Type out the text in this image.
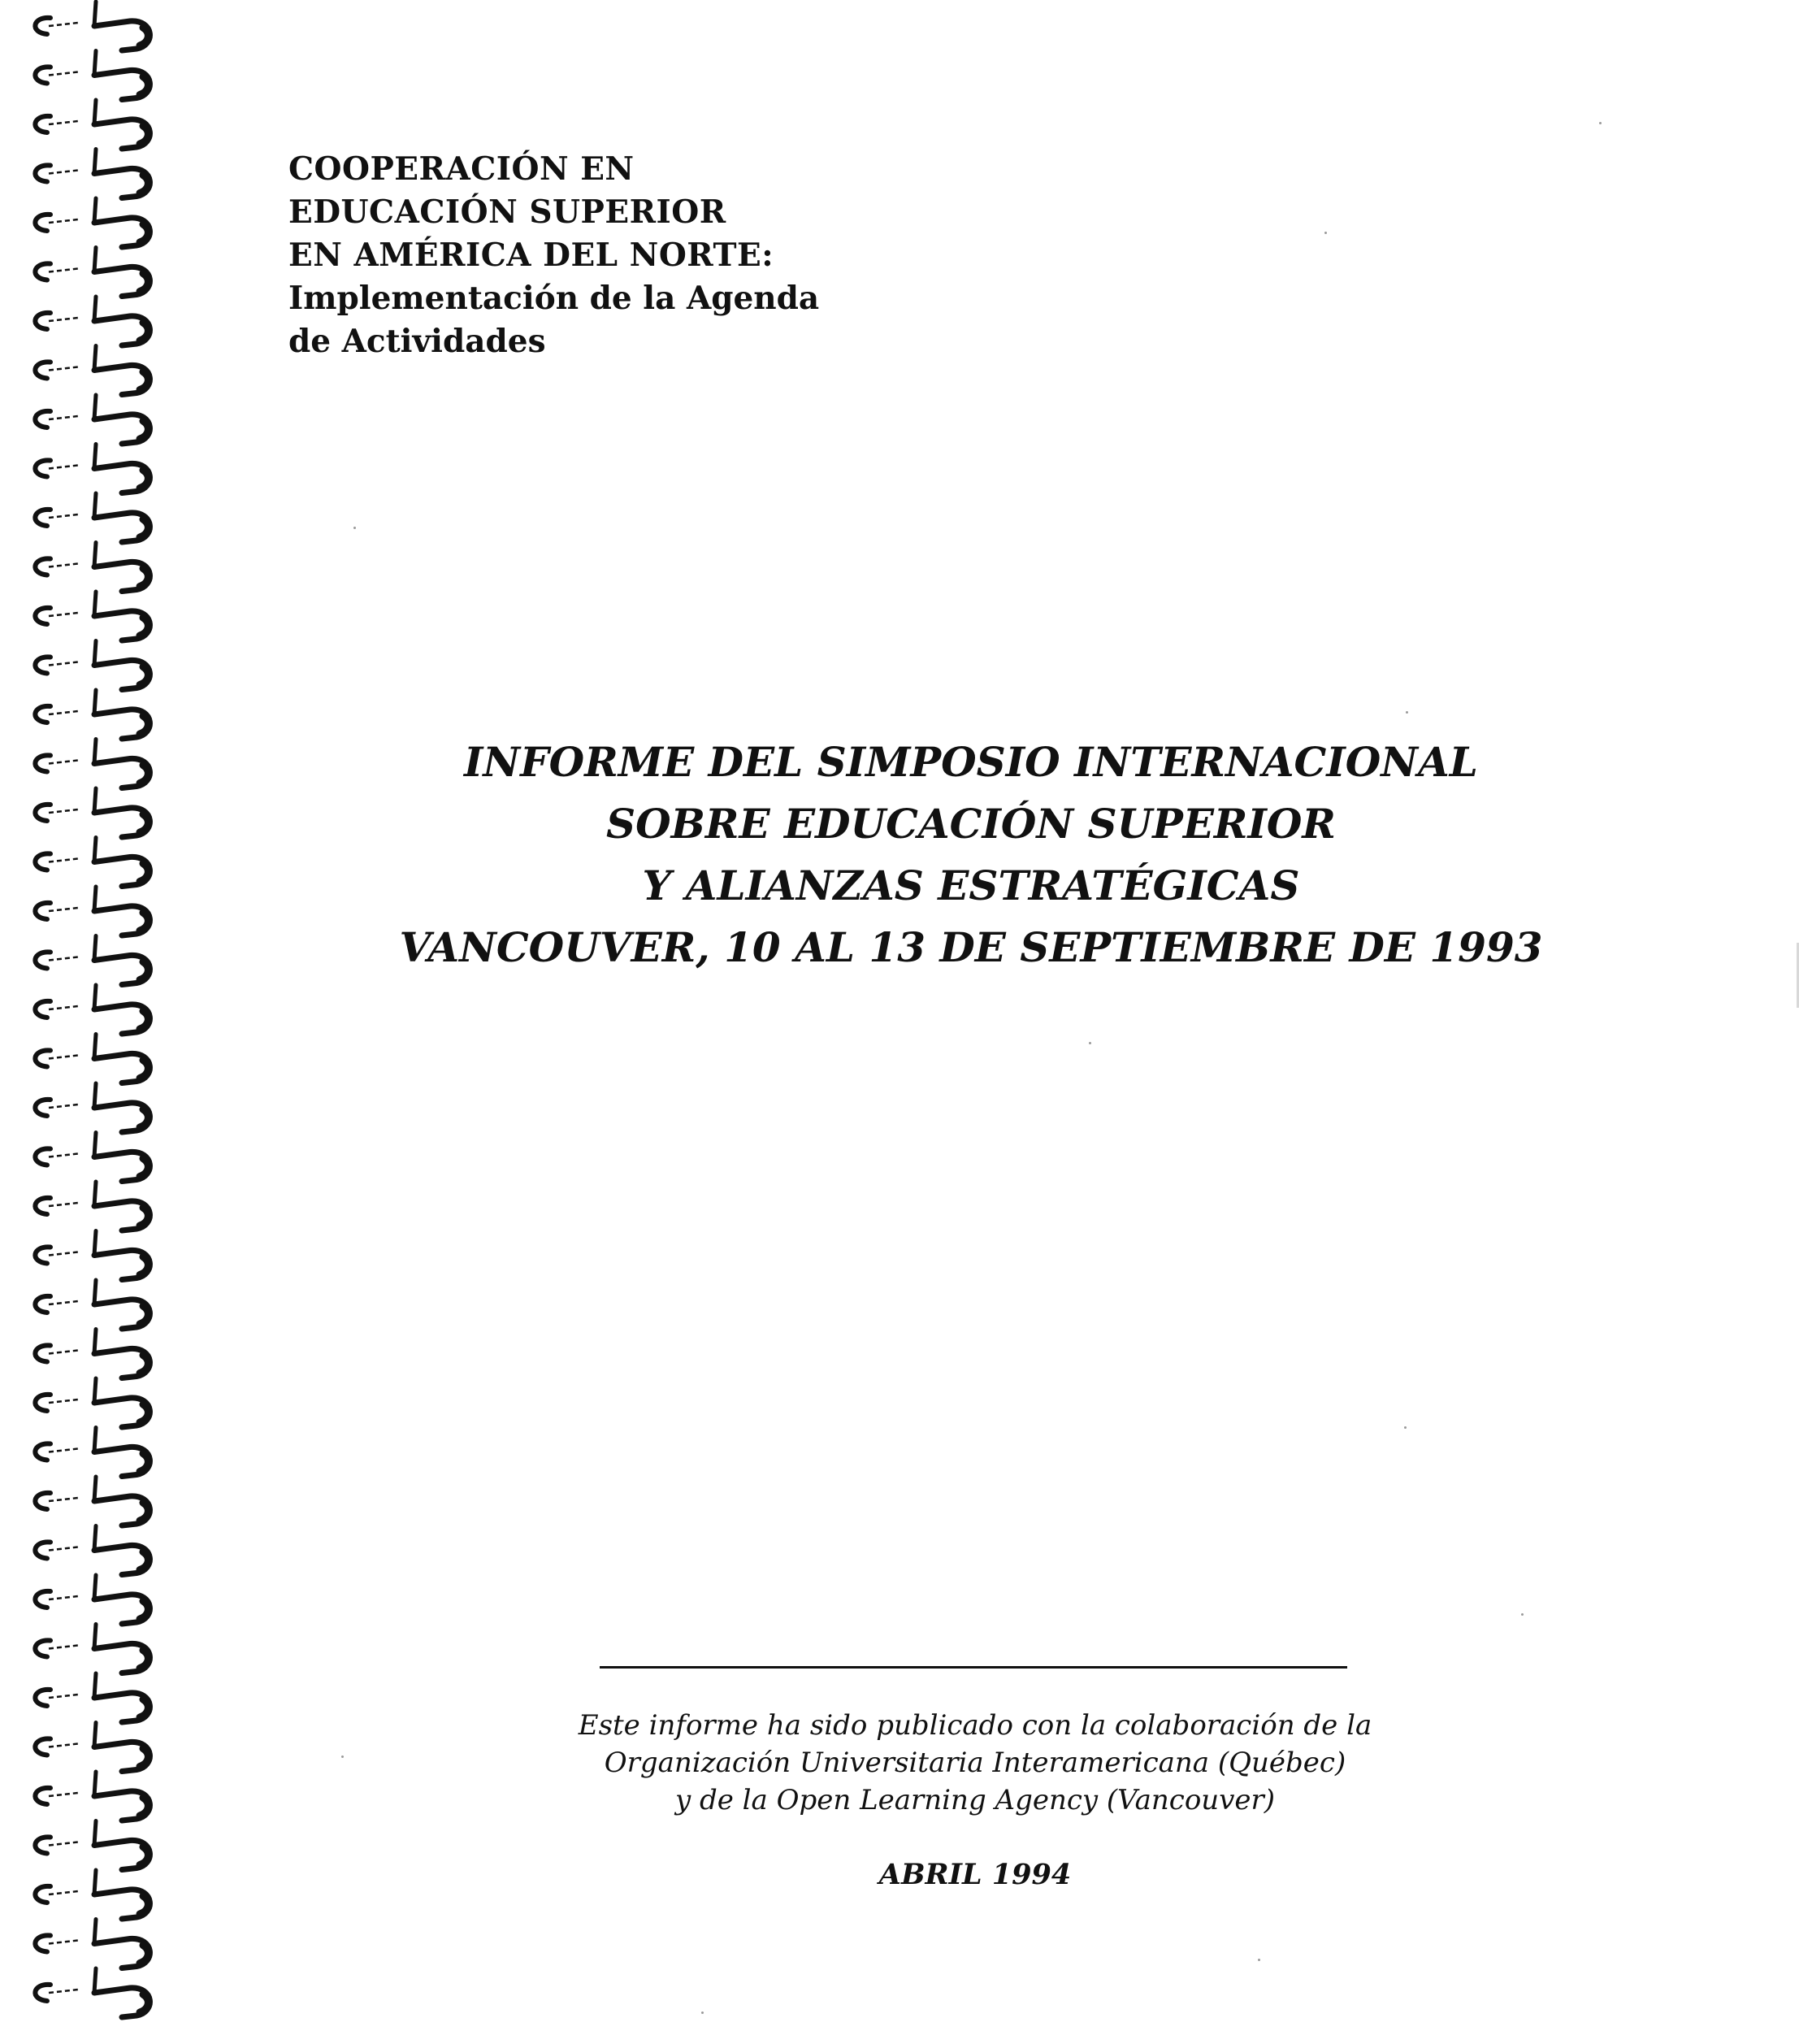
COOPERACIÓN EN
EDUCACIÓN SUPERIOR
EN AMÉRICA DEL NORTE:
Implementación de la Agenda
de Actividades
INFORME DEL SIMPOSIO INTERNACIONAL
SOBRE EDUCACIÓN SUPERIOR
Y ALIANZAS ESTRATÉGICAS
VANCOUVER, 10 AL 13 DE SEPTIEMBRE DE 1993
Este informe ha sido publicado con la colaboración de la
Organización Universitaria Interamericana (Québec)
y de la Open Learning Agency (Vancouver)
ABRIL 1994
